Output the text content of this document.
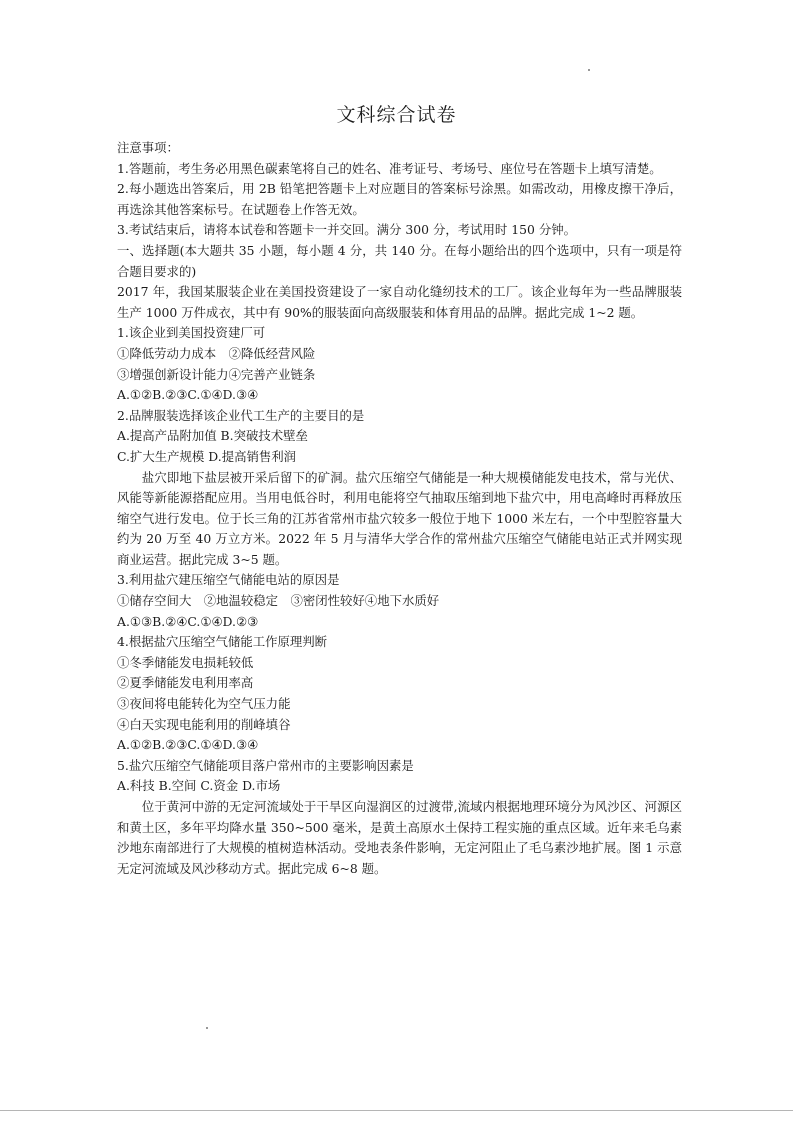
文科综合试卷

注意事项：

1.答题前，考生务必用黑色碳素笔将自己的姓名、准考证号、考场号、座位号在答题卡上填写清楚。

2.每小题选出答案后，用 2B 铅笔把答题卡上对应题目的答案标号涂黑。如需改动，用橡皮擦干净后，再选涂其他答案标号。在试题卷上作答无效。

3.考试结束后，请将本试卷和答题卡一并交回。满分 300 分，考试用时 150 分钟。

一、选择题(本大题共 35 小题，每小题 4 分，共 140 分。在每小题给出的四个选项中，只有一项是符合题目要求的)

2017 年，我国某服装企业在美国投资建设了一家自动化缝纫技术的工厂。该企业每年为一些品牌服装生产 1000 万件成衣，其中有 90%的服装面向高级服装和体育用品的品牌。据此完成 1~2 题。

1.该企业到美国投资建厂可

①降低劳动力成本　②降低经营风险

③增强创新设计能力④完善产业链条

A.①②B.②③C.①④D.③④

2.品牌服装选择该企业代工生产的主要目的是

A.提高产品附加值 B.突破技术壁垒

C.扩大生产规模 D.提高销售利润

盐穴即地下盐层被开采后留下的矿洞。盐穴压缩空气储能是一种大规模储能发电技术，常与光伏、风能等新能源搭配应用。当用电低谷时，利用电能将空气抽取压缩到地下盐穴中，用电高峰时再释放压缩空气进行发电。位于长三角的江苏省常州市盐穴较多一般位于地下 1000 米左右，一个中型腔容量大约为 20 万至 40 万立方米。2022 年 5 月与清华大学合作的常州盐穴压缩空气储能电站正式并网实现商业运营。据此完成 3~5 题。

3.利用盐穴建压缩空气储能电站的原因是

①储存空间大　②地温较稳定　③密闭性较好④地下水质好

A.①③B.②④C.①④D.②③

4.根据盐穴压缩空气储能工作原理判断

①冬季储能发电损耗较低

②夏季储能发电利用率高

③夜间将电能转化为空气压力能

④白天实现电能利用的削峰填谷

A.①②B.②③C.①④D.③④

5.盐穴压缩空气储能项目落户常州市的主要影响因素是

A.科技 B.空间 C.资金 D.市场

位于黄河中游的无定河流域处于干旱区向湿润区的过渡带,流域内根据地理环境分为风沙区、河源区和黄土区，多年平均降水量 350~500 毫米，是黄土高原水土保持工程实施的重点区域。近年来毛乌素沙地东南部进行了大规模的植树造林活动。受地表条件影响，无定河阻止了毛乌素沙地扩展。图 1 示意无定河流域及风沙移动方式。据此完成 6~8 题。
